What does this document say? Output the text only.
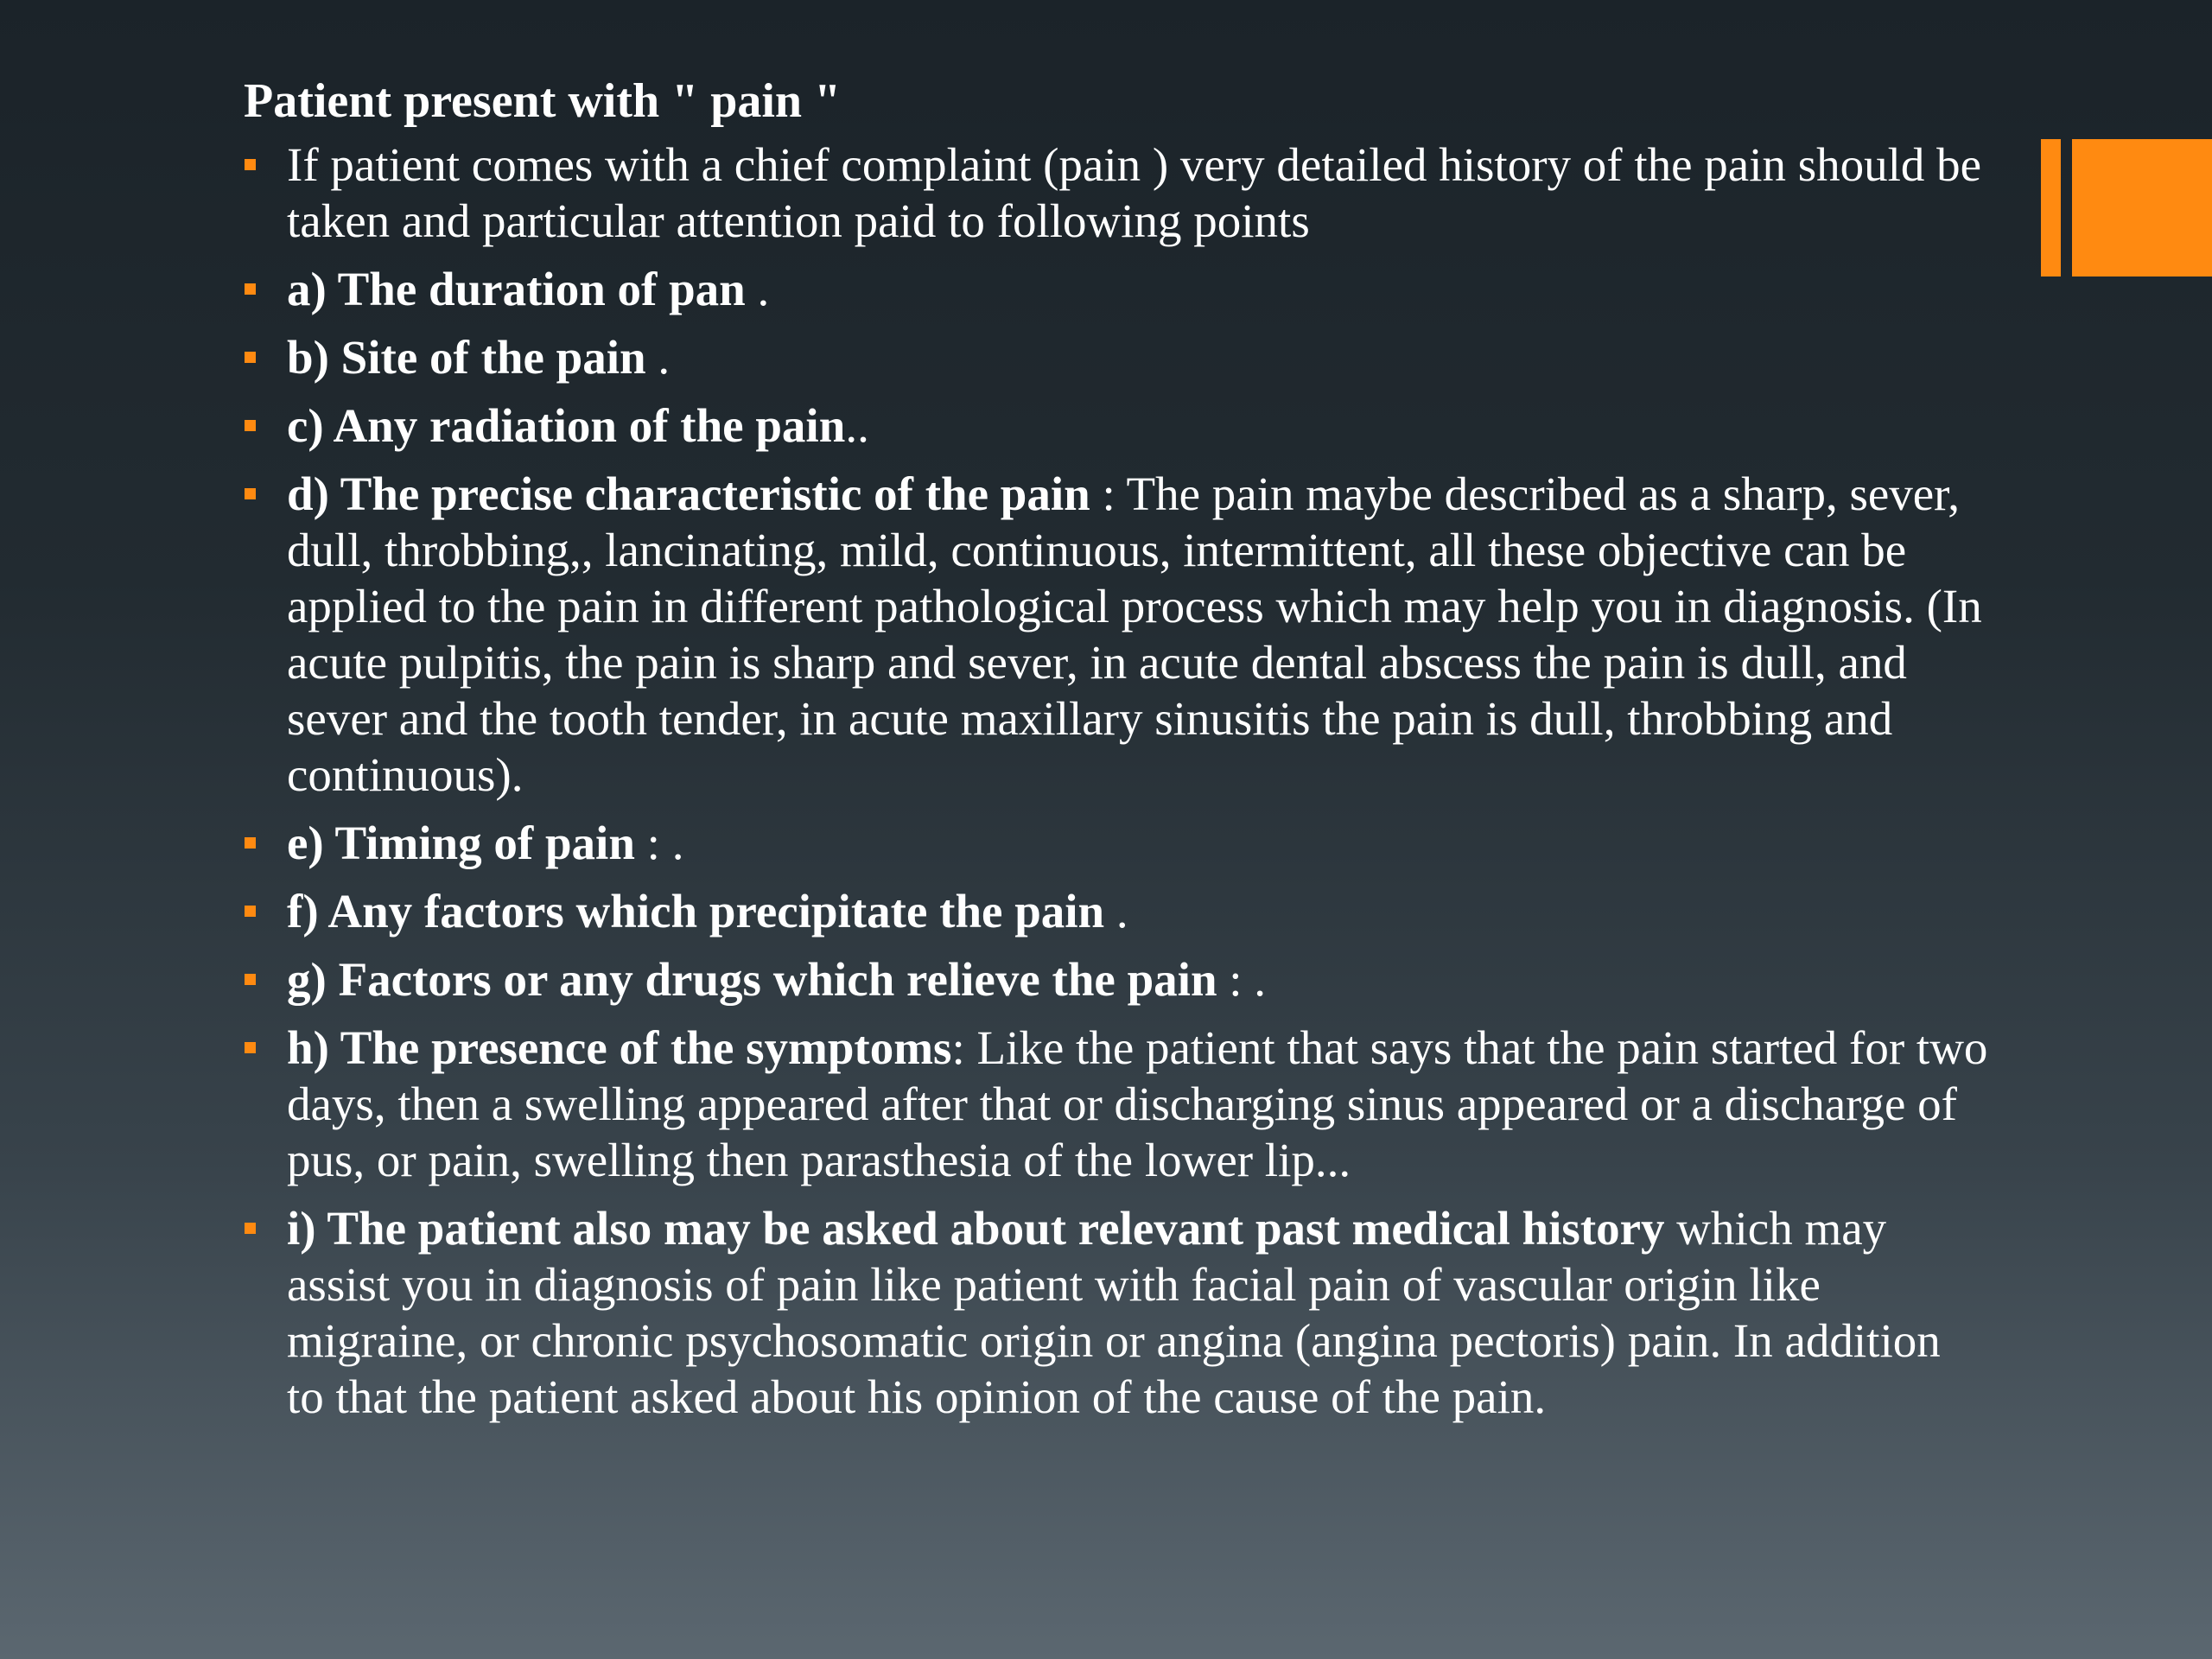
Patient present with " pain "
If patient comes with a chief complaint (pain ) very detailed history of the pain should be taken and particular attention paid to following points
a) The duration of pan .
b) Site of the pain .
c) Any radiation of the pain..
d) The precise characteristic of the pain : The pain maybe described as a sharp, sever, dull, throbbing,, lancinating, mild, continuous, intermittent, all these objective can be applied to the pain in different pathological process which may help you in diagnosis. (In acute pulpitis, the pain is sharp and sever, in acute dental abscess the pain is dull, and sever and the tooth tender, in acute maxillary sinusitis the pain is dull, throbbing and continuous).
e) Timing of pain : .
f) Any factors which precipitate the pain .
g) Factors or any drugs which relieve the pain : .
h) The presence of the symptoms: Like the patient that says that the pain started for two days, then a swelling appeared after that or discharging sinus appeared or a discharge of pus, or pain, swelling then parasthesia of the lower lip...
i) The patient also may be asked about relevant past medical history which may assist you in diagnosis of pain like patient with facial pain of vascular origin like migraine, or chronic psychosomatic origin or angina (angina pectoris) pain. In addition to that the patient asked about his opinion of the cause of the pain.
